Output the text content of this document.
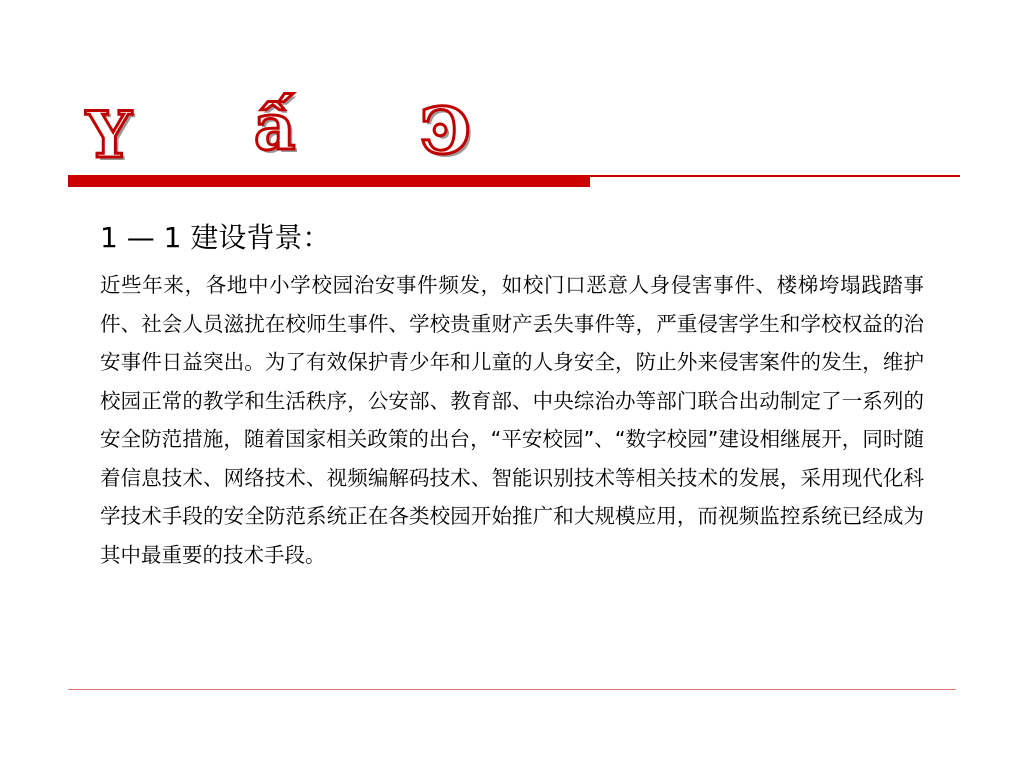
Y ấ Ͽ
1 — 1 建设背景：

近些年来，各地中小学校园治安事件频发，如校门口恶意人身侵害事件、楼梯垮塌践踏事件、社会人员滋扰在校师生事件、学校贵重财产丢失事件等，严重侵害学生和学校权益的治安事件日益突出。为了有效保护青少年和儿童的人身安全，防止外来侵害案件的发生，维护校园正常的教学和生活秩序，公安部、教育部、中央综治办等部门联合出动制定了一系列的安全防范措施，随着国家相关政策的出台，“平安校园”、“数字校园”建设相继展开，同时随着信息技术、网络技术、视频编解码技术、智能识别技术等相关技术的发展，采用现代化科学技术手段的安全防范系统正在各类校园开始推广和大规模应用，而视频监控系统已经成为其中最重要的技术手段。
